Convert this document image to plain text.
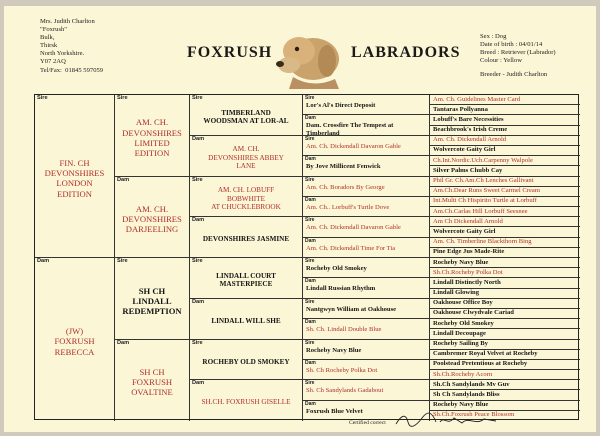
Mrs. Judith Charlton
"Foxrush"
Bulk,
Thirsk
North Yorkshire.
Y07 2AQ
Tel/Fax:  01845 597059
FOXRUSH	LABRADORS
Sex : Dog
Date of birth : 04/01/14
Breed : Retriever (Labrador)
Colour : Yellow
Breeder - Judith Charlton
Sire
FIN. CH
DEVONSHIRES
LONDON
EDITION
Dam
(JW)
FOXRUSH
REBECCA
Sire
AM. CH.
DEVONSHIRES
LIMITED
EDITION
Dam
AM. CH.
DEVONSHIRES
DARJEELING
Sire
SH CH
LINDALL
REDEMPTION
Dam
SH CH
FOXRUSH
OVALTINE
Sire
TIMBERLAND
WOODSMAN AT LOR-AL
Dam
AM. CH.
DEVONSHIRES ABBEY
LANE
Sire
AM. CH. LOBUFF
BOBWHITE
AT CHUCKLEBROOK
Dam
DEVONSHIRES JASMINE
Sire
LINDALL COURT
MASTERPIECE
Dam
LINDALL WILL SHE
Sire
ROCHEBY OLD SMOKEY
Dam
SH.CH. FOXRUSH GISELLE
Sire
Lor's Al's Direct Deposit
Dam
Dam. Crossfire The Tempest at
Timberland
Sire
Am. Ch. Dickendall Davaron Gable
Dam
By Jove Millicent Fenwick
Sire
Am. Ch. Boradors By George
Dam
Am. Ch.. Lorbuff's Turtle Dove
Sire
Am. Ch. Dickendall Davaron Gable
Dam
Am. Ch. Dickendall Time For Tia
Sire
Rocheby Old Smokey
Dam
Lindall Russian Rhythm
Sire
Nantgwyn William at Oakhouse
Dam
Sh. Ch. Lindall Double Blue
Sire
Rocheby Navy Blue
Dam
Sh. Ch Rocheby Polka Dot
Sire
Sh. Ch Sandylands Gadabout
Dam
Foxrush Blue Velvet
Am. Ch. Guidelines Master Card
Tantaras Pollyanna
Lobuff's Bare Necessities
Beachbrook's Irish Creme
Am. Ch. Dickendall Arnold
Wolvercote Gaity Girl
Ch.Int.Nordic.Uch.Carpenny Walpole
Silver Palms Chubb Cay
Phil Gr. Ch.Am.Ch Lenches Gallivant
Am.Ch.Dear Runs Sweet Carmel Cream
Int.Multi Ch Hispirito Turtle at Lorbuff
Am.Ch.Carlas Hill Lorbuff Seesnee
Am Ch Dickendall Arnold
Wolvercote Gaity Girl
Am. Ch. Timberline Blackthorn Bing
Pine Edge Jus Made-Rite
Rocheby Navy Blue
Sh.Ch.Rocheby Polka Dot
Lindall Distinctly North
Lindall Glowing
Oakhouse Office Boy
Oakhouse Clwydvale Cariad
Rocheby Old Smokey
Lindall Decoupage
Rocheby Sailing By
Cambremer Royal Velvet at Rocheby
Poolstead Pretentious at Rocheby
Sh.Ch.Rocheby Acorn
Sh.Ch Sandylands Mv Guv
Sh Ch Sandylands Bliss
Rocheby Navy Blue
Sh.Ch.Foxrush Peace Blossom
Certified correct
